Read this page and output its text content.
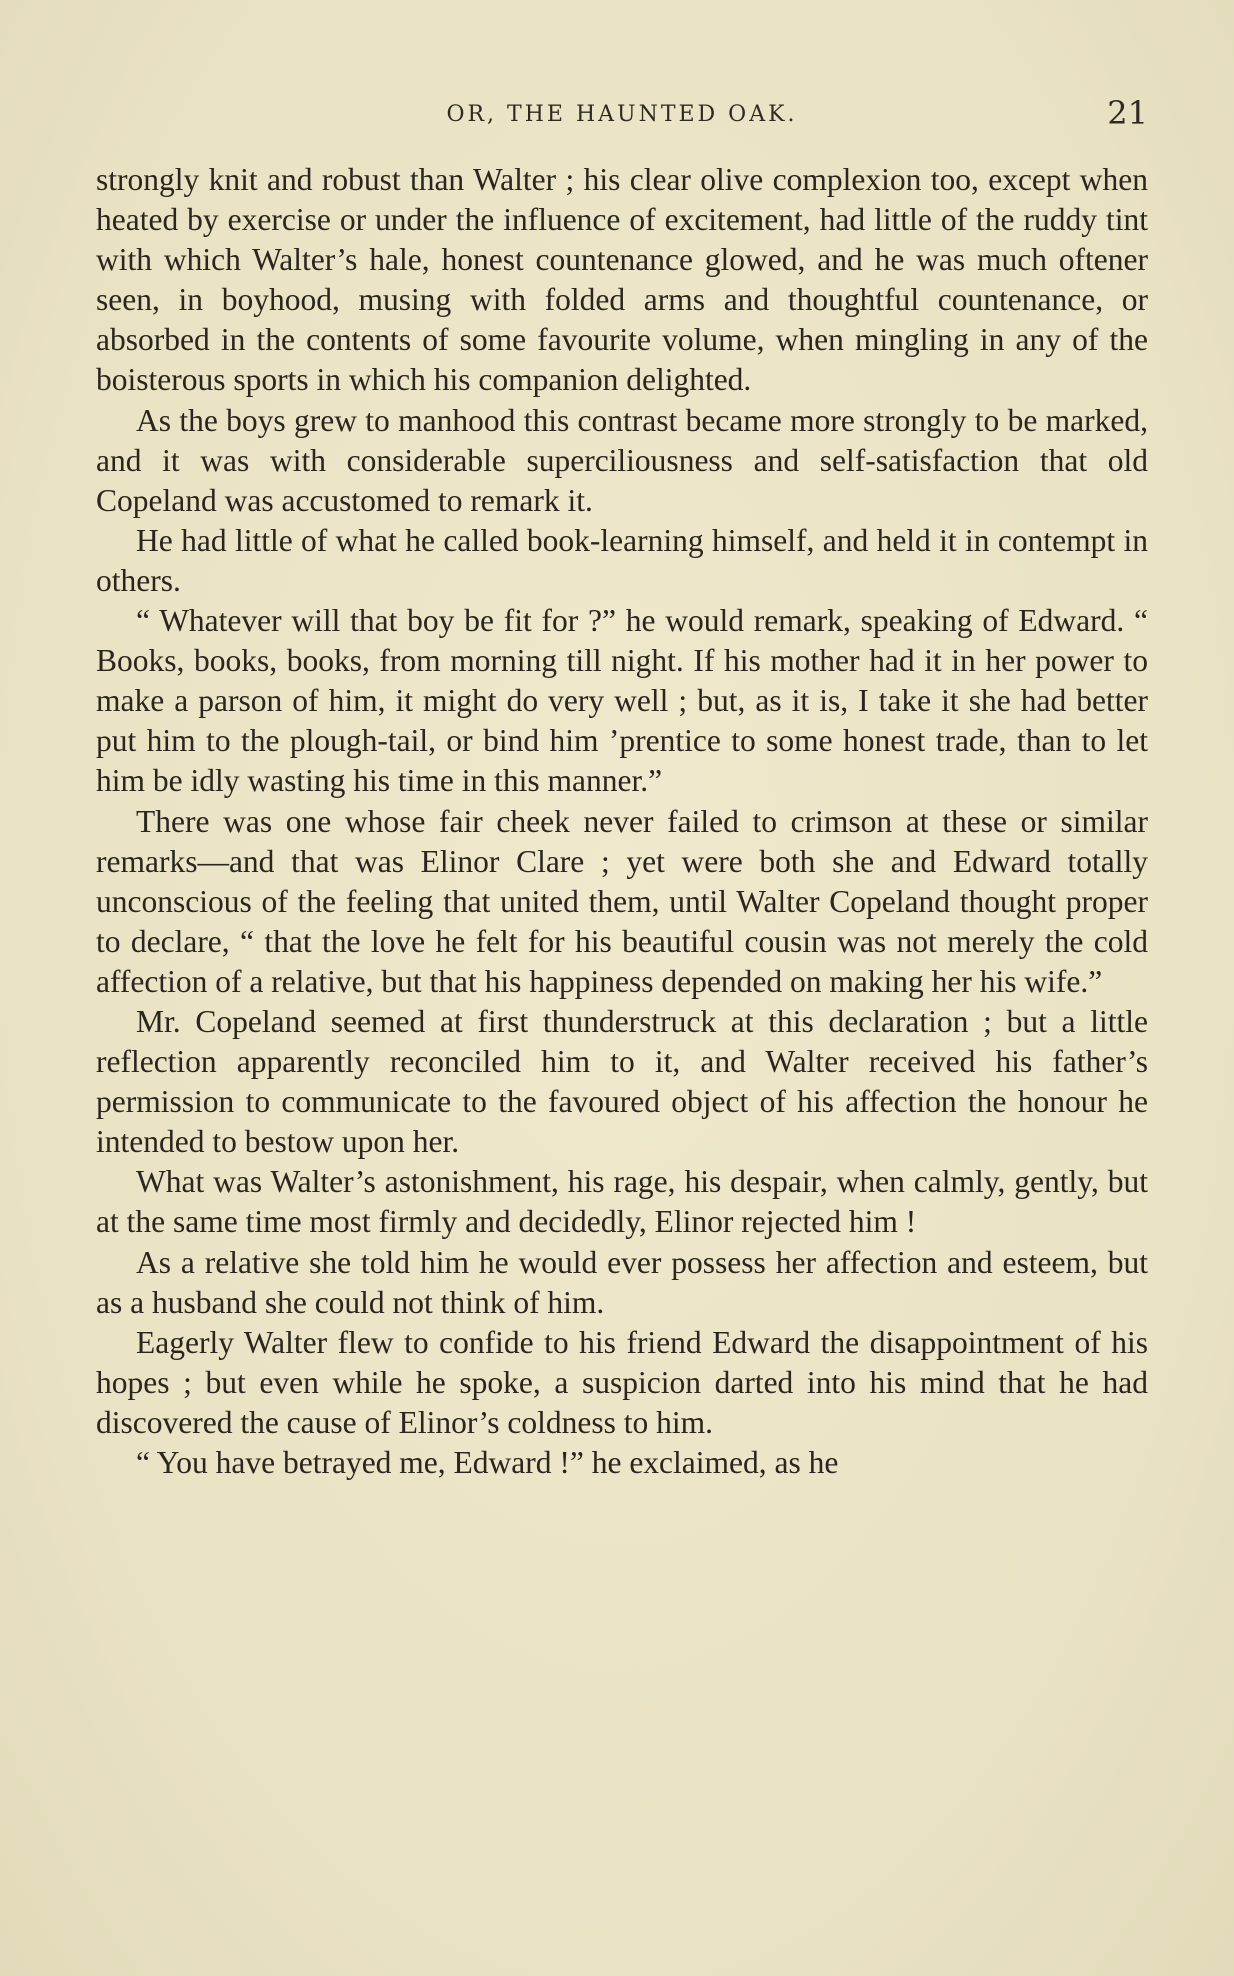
OR, THE HAUNTED OAK.	21

strongly knit and robust than Walter ; his clear olive complexion too, except when heated by exercise or under the influence of excitement, had little of the ruddy tint with which Walter’s hale, honest countenance glowed, and he was much oftener seen, in boyhood, musing with folded arms and thoughtful countenance, or absorbed in the contents of some favourite volume, when mingling in any of the boisterous sports in which his companion delighted.

As the boys grew to manhood this contrast became more strongly to be marked, and it was with considerable superciliousness and self-satisfaction that old Copeland was accustomed to remark it.

He had little of what he called book-learning himself, and held it in contempt in others.

“ Whatever will that boy be fit for ?” he would remark, speaking of Edward. “ Books, books, books, from morning till night. If his mother had it in her power to make a parson of him, it might do very well ; but, as it is, I take it she had better put him to the plough-tail, or bind him ’prentice to some honest trade, than to let him be idly wasting his time in this manner.”

There was one whose fair cheek never failed to crimson at these or similar remarks—and that was Elinor Clare ; yet were both she and Edward totally unconscious of the feeling that united them, until Walter Copeland thought proper to declare, “ that the love he felt for his beautiful cousin was not merely the cold affection of a relative, but that his happiness depended on making her his wife.”

Mr. Copeland seemed at first thunderstruck at this declaration ; but a little reflection apparently reconciled him to it, and Walter received his father’s permission to communicate to the favoured object of his affection the honour he intended to bestow upon her.

What was Walter’s astonishment, his rage, his despair, when calmly, gently, but at the same time most firmly and decidedly, Elinor rejected him !

As a relative she told him he would ever possess her affection and esteem, but as a husband she could not think of him.

Eagerly Walter flew to confide to his friend Edward the disappointment of his hopes ; but even while he spoke, a suspicion darted into his mind that he had discovered the cause of Elinor’s coldness to him.

“ You have betrayed me, Edward !” he exclaimed, as he
